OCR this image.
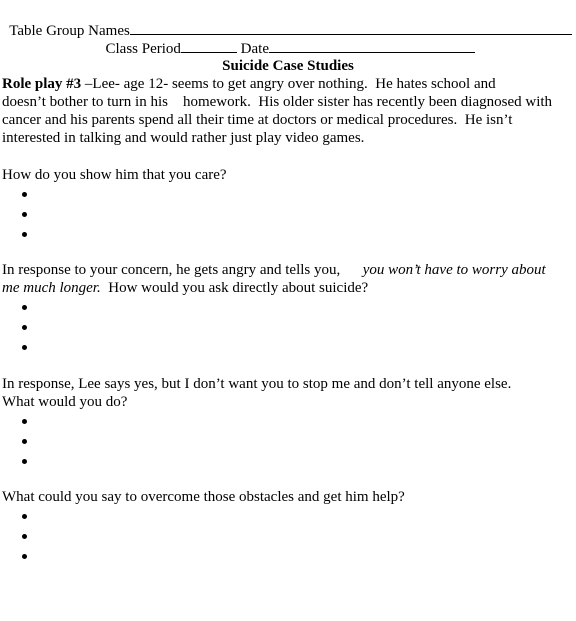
Table Group Names

Class Period	Date

Suicide Case Studies
Role play #3 –Lee- age 12- seems to get angry over nothing.  He hates school and
doesn’t bother to turn in his    homework.  His older sister has recently been diagnosed with
cancer and his parents spend all their time at doctors or medical procedures.  He isn’t
interested in talking and would rather just play video games.
How do you show him that you care?
In response to your concern, he gets angry and tells you,      you won’t have to worry about
me much longer.  How would you ask directly about suicide?
In response, Lee says yes, but I don’t want you to stop me and don’t tell anyone else.
What would you do?
What could you say to overcome those obstacles and get him help?
